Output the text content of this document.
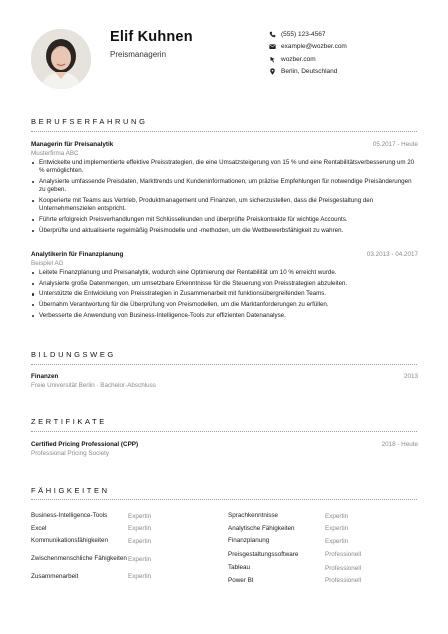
Elif Kuhnen
Preismanagerin
(555) 123-4567
example@wozber.com
wozber.com
Berlin, Deutschland
BERUFSERFAHRUNG
Managerin für Preisanalytik	05.2017 - Heute
Musterfirma ABC
Entwickelte und implementierte effektive Preisstrategien, die eine Umsatzsteigerung von 15 % und eine Rentabilitätsverbesserung um 20 % ermöglichten.
Analysierte umfassende Preisdaten, Markttrends und Kundeninformationen, um präzise Empfehlungen für notwendige Preisänderungen zu geben.
Kooperierte mit Teams aus Vertrieb, Produktmanagement und Finanzen, um sicherzustellen, dass die Preisgestaltung den Unternehmenszielen entspricht.
Führte erfolgreich Preisverhandlungen mit Schlüsselkunden und überprüfte Preiskontrakte für wichtige Accounts.
Überprüfte und aktualisierte regelmäßig Preismodelle und -methoden, um die Wettbewerbsfähigkeit zu wahren.
Analytikerin für Finanzplanung	03.2013 - 04.2017
Beispiel AG
Leitete Finanzplanung und Preisanalytik, wodurch eine Optimierung der Rentabilität um 10 % erreicht wurde.
Analysierte große Datenmengen, um umsetzbare Erkenntnisse für die Steuerung von Preisstrategien abzuleiten.
Unterstützte die Entwicklung von Preisstrategien in Zusammenarbeit mit funktionsübergreifenden Teams.
Übernahm Verantwortung für die Überprüfung von Preismodellen, um die Marktanforderungen zu erfüllen.
Verbesserte die Anwendung von Business-Intelligence-Tools zur effizienten Datenanalyse.
BILDUNGSWEG
Finanzen	2013
Freie Universität Berlin · Bachelor-Abschluss
ZERTIFIKATE
Certified Pricing Professional (CPP)	2018 - Heute
Professional Pricing Society
FÄHIGKEITEN
Business-Intelligence-Tools	Expertin
Excel	Expertin
Kommunikationsfähigkeiten	Expertin
Zwischenmenschliche Fähigkeiten Expertin
Zusammenarbeit	Expertin
Sprachkenntnisse	Expertin
Analytische Fähigkeiten	Expertin
Finanzplanung	Expertin
Preisgestaltungssoftware	Professionell
Tableau	Professionell
Power BI	Professionell
